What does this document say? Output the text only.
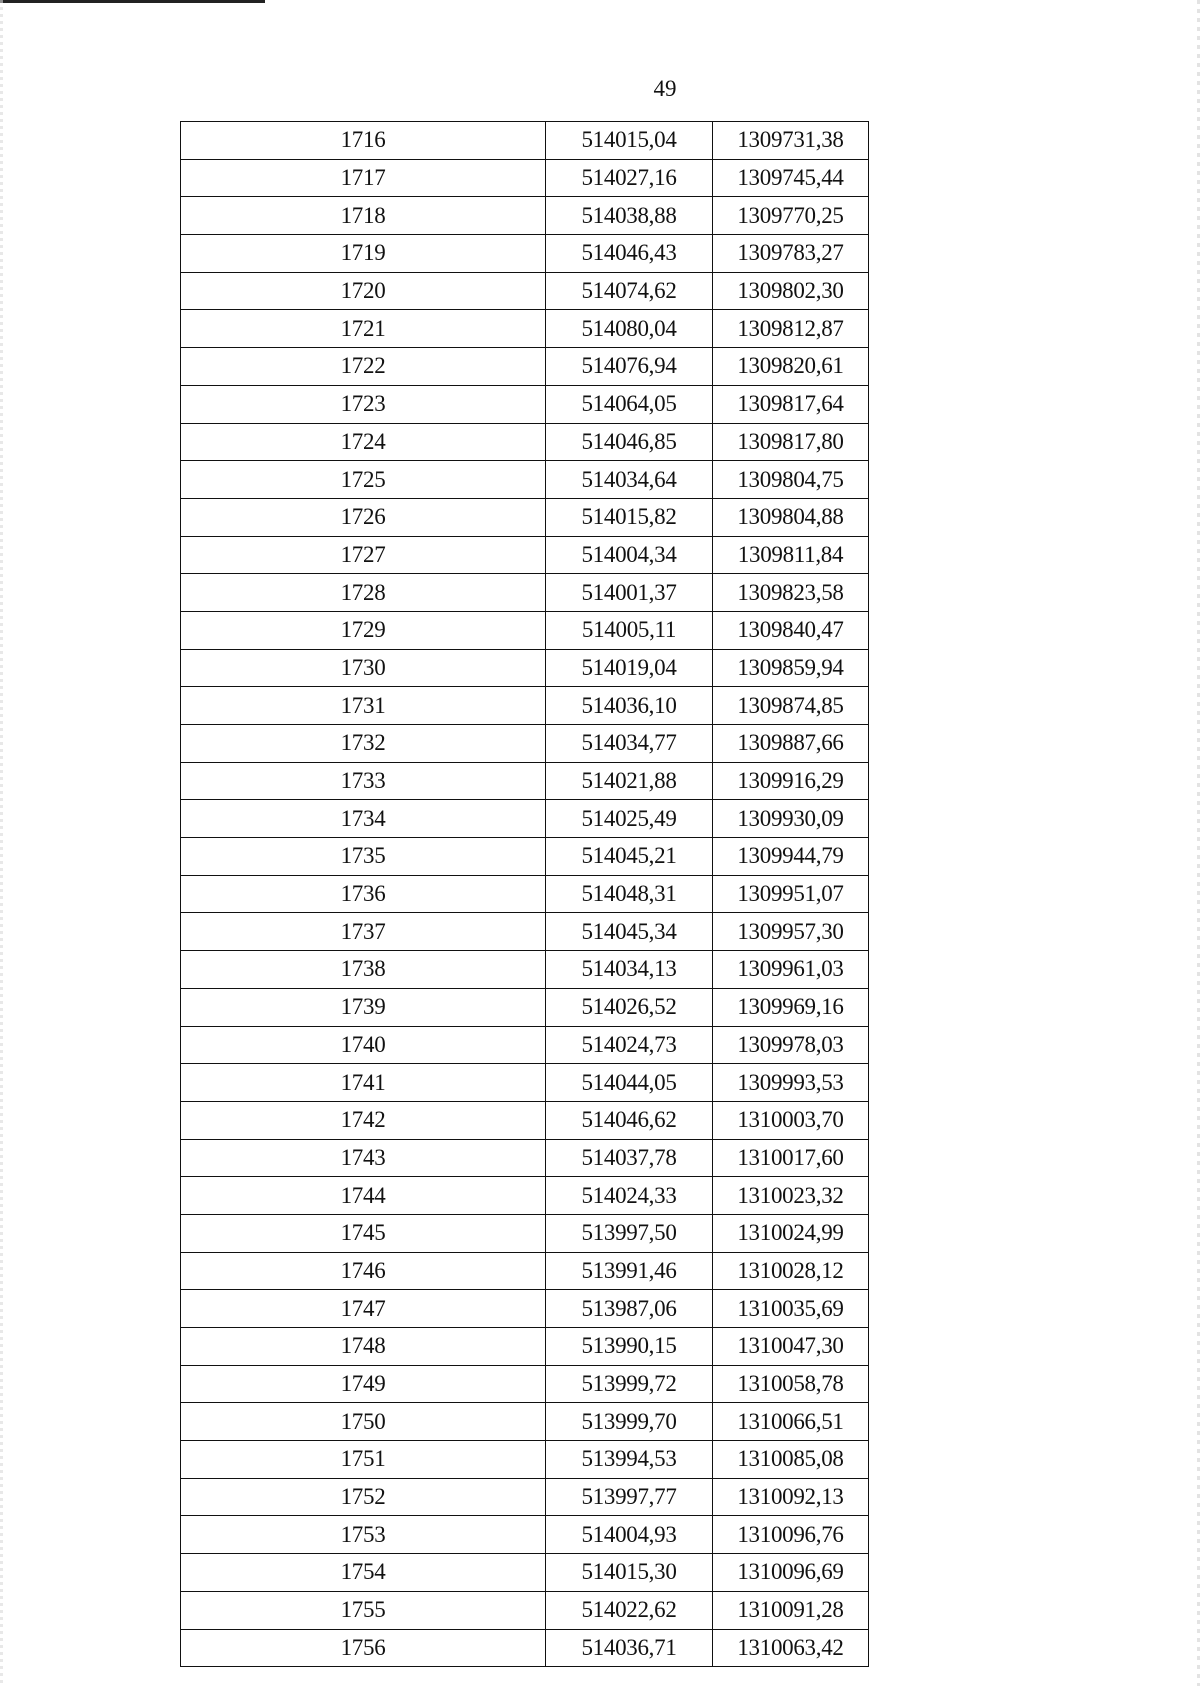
49
1716	514015,04	1309731,38
1717	514027,16	1309745,44
1718	514038,88	1309770,25
1719	514046,43	1309783,27
1720	514074,62	1309802,30
1721	514080,04	1309812,87
1722	514076,94	1309820,61
1723	514064,05	1309817,64
1724	514046,85	1309817,80
1725	514034,64	1309804,75
1726	514015,82	1309804,88
1727	514004,34	1309811,84
1728	514001,37	1309823,58
1729	514005,11	1309840,47
1730	514019,04	1309859,94
1731	514036,10	1309874,85
1732	514034,77	1309887,66
1733	514021,88	1309916,29
1734	514025,49	1309930,09
1735	514045,21	1309944,79
1736	514048,31	1309951,07
1737	514045,34	1309957,30
1738	514034,13	1309961,03
1739	514026,52	1309969,16
1740	514024,73	1309978,03
1741	514044,05	1309993,53
1742	514046,62	1310003,70
1743	514037,78	1310017,60
1744	514024,33	1310023,32
1745	513997,50	1310024,99
1746	513991,46	1310028,12
1747	513987,06	1310035,69
1748	513990,15	1310047,30
1749	513999,72	1310058,78
1750	513999,70	1310066,51
1751	513994,53	1310085,08
1752	513997,77	1310092,13
1753	514004,93	1310096,76
1754	514015,30	1310096,69
1755	514022,62	1310091,28
1756	514036,71	1310063,42
